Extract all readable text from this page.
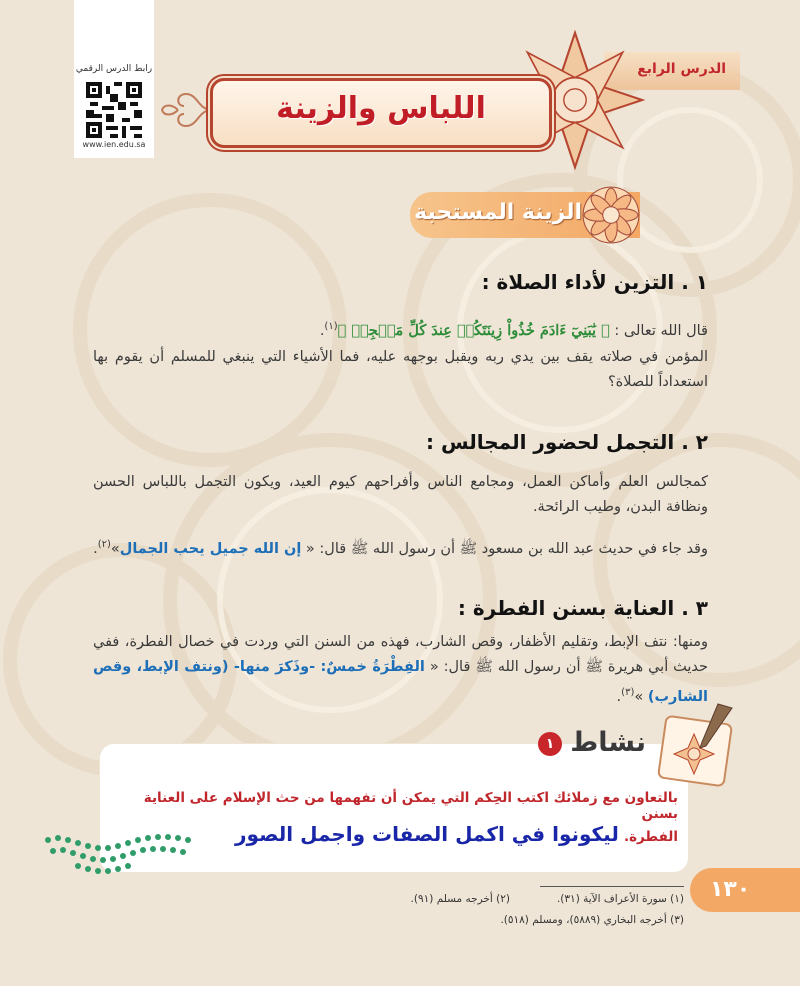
رابط الدرس الرقمي
www.ien.edu.sa
الدرس الرابع
اللباس والزينة
الزينة المستحبة
١ . التزين لأداء الصلاة :
قال الله تعالى : ﴿ يَٰبَنِيٓ ءَادَمَ خُذُواْ زِينَتَكُمۡ عِندَ كُلِّ مَسۡجِدٖ ﴾$^{(١)}$.
المؤمن في صلاته يقف بين يدي ربه ويقبل بوجهه عليه، فما الأشياء التي ينبغي للمسلم أن يقوم بها استعداداً للصلاة؟
٢ . التجمل لحضور المجالس :
كمجالس العلم وأماكن العمل، ومجامع الناس وأفراحهم كيوم العيد، ويكون التجمل باللباس الحسن ونظافة البدن، وطيب الرائحة.
وقد جاء في حديث عبد الله بن مسعود ﷺ أن رسول الله ﷺ قال: « إن الله جميل يحب الجمال»$^{(٢)}$.
٣ . العناية بسنن الفطرة :
ومنها: نتف الإبط، وتقليم الأظفار، وقص الشارب، فهذه من السنن التي وردت في خصال الفطرة، ففي حديث أبي هريرة ﷺ أن رسول الله ﷺ قال: « الفِطْرَةُ خمسٌ: -وذَكرَ منها- (ونتف الإبط، وقص الشارب) »$^{(٣)}$.
نشاط
١
بالتعاون مع زملائك اكتب الحِكم التي يمكن أن تفهمها من حث الإسلام على العناية بسنن
الفطرة. ليكونوا في اكمل الصفات واجمل الصور
١٣٠
(١) سورة الأعراف الآية (٣١).
(٢) أخرجه مسلم (٩١).
(٣) أخرجه البخاري (٥٨٨٩)، ومسلم (٥١٨).
